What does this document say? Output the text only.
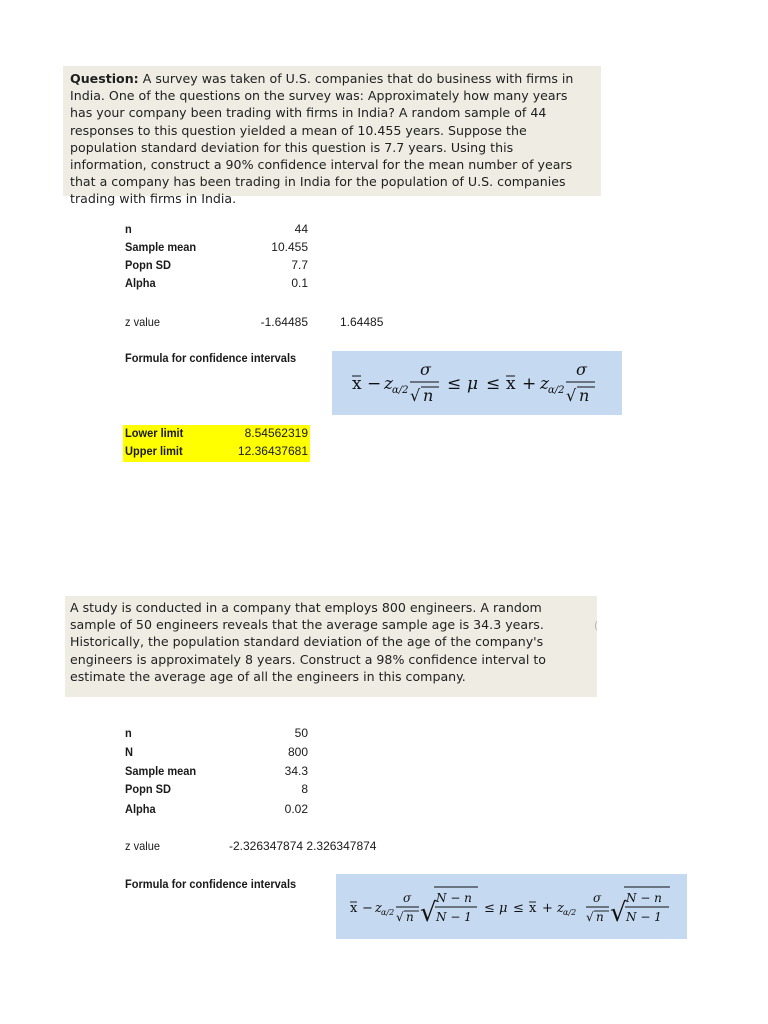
Question: A survey was taken of U.S. companies that do business with firms in India. One of the questions on the survey was: Approximately how many years has your company been trading with firms in India? A random sample of 44 responses to this question yielded a mean of 10.455 years. Suppose the population standard deviation for this question is 7.7 years. Using this information, construct a 90% confidence interval for the mean number of years that a company has been trading in India for the population of U.S. companies trading with firms in India.
n	44
Sample mean	10.455
Popn SD	7.7
Alpha	0.1
z value	-1.64485	1.64485
Formula for confidence intervals
x − z α/2
σ
√ n
≤ μ ≤ x + z α/2
σ
√ n
Lower limit	8.54562319
Upper limit	12.36437681
A study is conducted in a company that employs 800 engineers. A random sample of 50 engineers reveals that the average sample age is 34.3 years. Historically, the population standard deviation of the age of the company's engineers is approximately 8 years. Construct a 98% confidence interval to estimate the average age of all the engineers in this company.
(
n	50
N	800
Sample mean	34.3
Popn SD	8
Alpha	0.02
z value	-2.326347874 2.326347874
Formula for confidence intervals
x − z α/2
σ
√ n √ N − n
N − 1
≤ μ ≤ x + z α/2
σ
√ n √ N − n
N − 1
